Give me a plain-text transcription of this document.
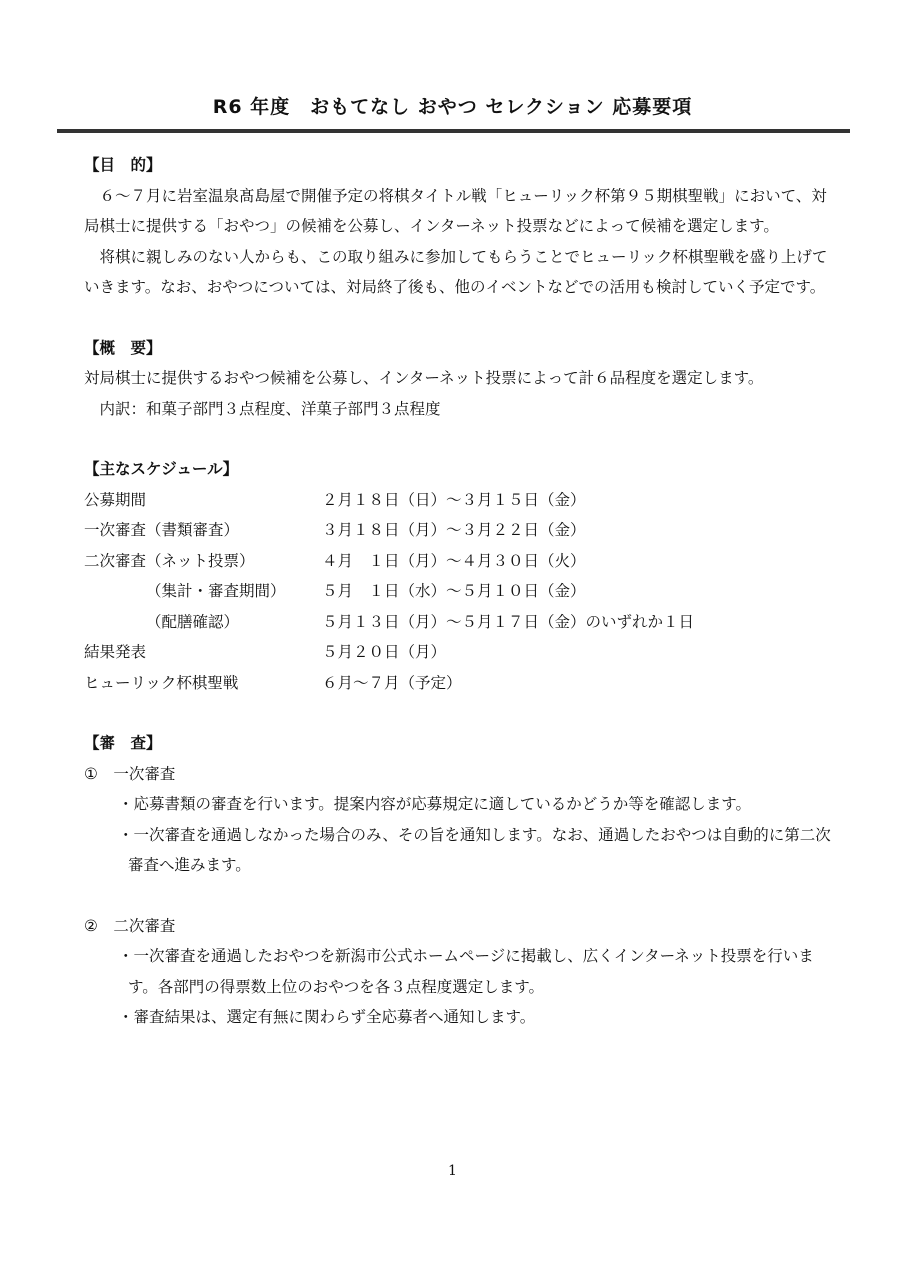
R6 年度　おもてなし おやつ セレクション 応募要項

【目　的】

６～７月に岩室温泉髙島屋で開催予定の将棋タイトル戦「ヒューリック杯第９５期棋聖戦」において、対局棋士に提供する「おやつ」の候補を公募し、インターネット投票などによって候補を選定します。

将棋に親しみのない人からも、この取り組みに参加してもらうことでヒューリック杯棋聖戦を盛り上げていきます。なお、おやつについては、対局終了後も、他のイベントなどでの活用も検討していく予定です。

【概　要】

対局棋士に提供するおやつ候補を公募し、インターネット投票によって計６品程度を選定します。

内訳：和菓子部門３点程度、洋菓子部門３点程度

【主なスケジュール】

公募期間	２月１８日（日）～３月１５日（金）
一次審査（書類審査）	３月１８日（月）～３月２２日（金）
二次審査（ネット投票）	４月　１日（月）～４月３０日（火）
（集計・審査期間）	５月　１日（水）～５月１０日（金）
（配膳確認）	５月１３日（月）～５月１７日（金）のいずれか１日
結果発表	５月２０日（月）
ヒューリック杯棋聖戦	６月～７月（予定）

【審　査】

①　一次審査

・応募書類の審査を行います。提案内容が応募規定に適しているかどうか等を確認します。

・一次審査を通過しなかった場合のみ、その旨を通知します。なお、通過したおやつは自動的に第二次審査へ進みます。

②　二次審査

・一次審査を通過したおやつを新潟市公式ホームページに掲載し、広くインターネット投票を行います。各部門の得票数上位のおやつを各３点程度選定します。

・審査結果は、選定有無に関わらず全応募者へ通知します。

1
